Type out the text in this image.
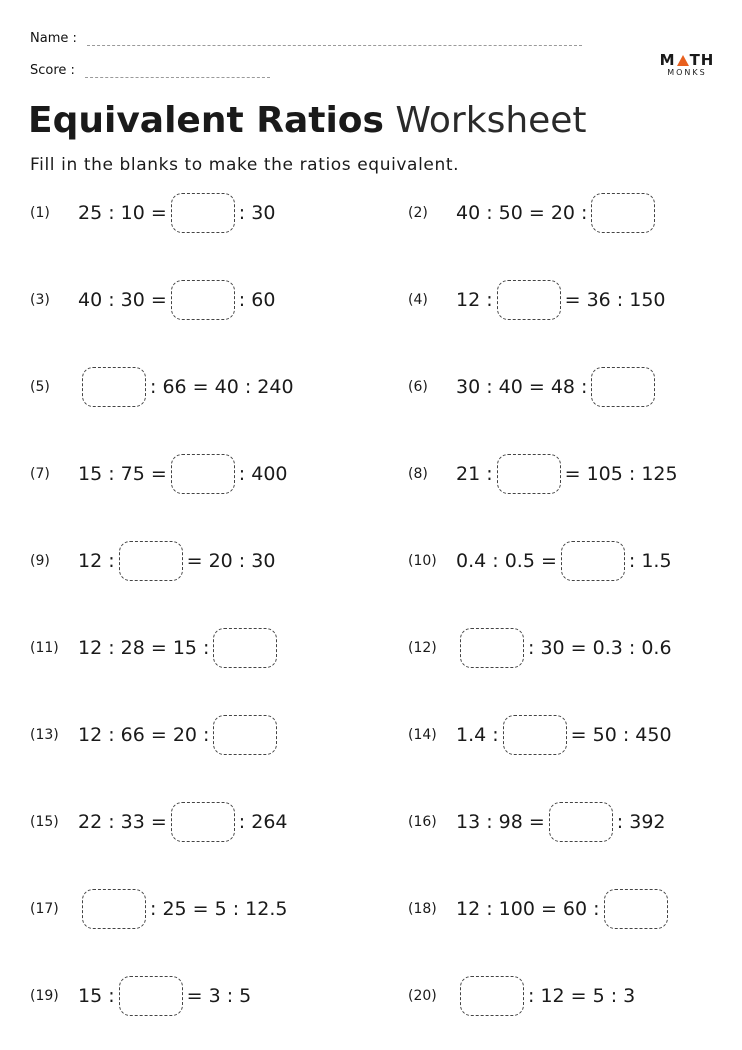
Name :
Score :
M TH
MONKS
Equivalent Ratios Worksheet
Fill in the blanks to make the ratios equivalent.
(1)	25 : 10 =	: 30	(2)	40 : 50 = 20 :
(3)	40 : 30 =	: 60	(4)	12 :	= 36 : 150
(5)	: 66 = 40 : 240	(6)	30 : 40 = 48 :
(7)	15 : 75 =	: 400	(8)	21 :	= 105 : 125
(9)	12 :	= 20 : 30	(10)	0.4 : 0.5 =	: 1.5
(11)	12 : 28 = 15 :	(12)	: 30 = 0.3 : 0.6
(13)	12 : 66 = 20 :	(14)	1.4 :	= 50 : 450
(15)	22 : 33 =	: 264	(16)	13 : 98 =	: 392
(17)	: 25 = 5 : 12.5	(18)	12 : 100 = 60 :
(19)	15 :	= 3 : 5	(20)	: 12 = 5 : 3
